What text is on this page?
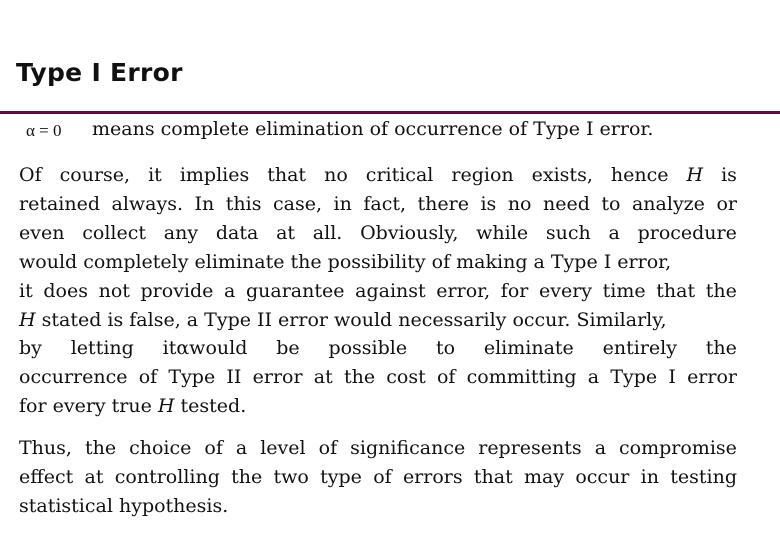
Type I Error
α = 0 means complete elimination of occurrence of Type I error.
Of course, it implies that no critical region exists, hence H is
retained always. In this case, in fact, there is no need to analyze or
even collect any data at all. Obviously, while such a procedure
would completely eliminate the possibility of making a Type I error,
it does not provide a guarantee against error, for every time that the
H stated is false, a Type II error would necessarily occur. Similarly,
by letting itαwould be possible to eliminate entirely the
occurrence of Type II error at the cost of committing a Type I error
for every true H tested.
Thus, the choice of a level of significance represents a compromise
effect at controlling the two type of errors that may occur in testing
statistical hypothesis.
